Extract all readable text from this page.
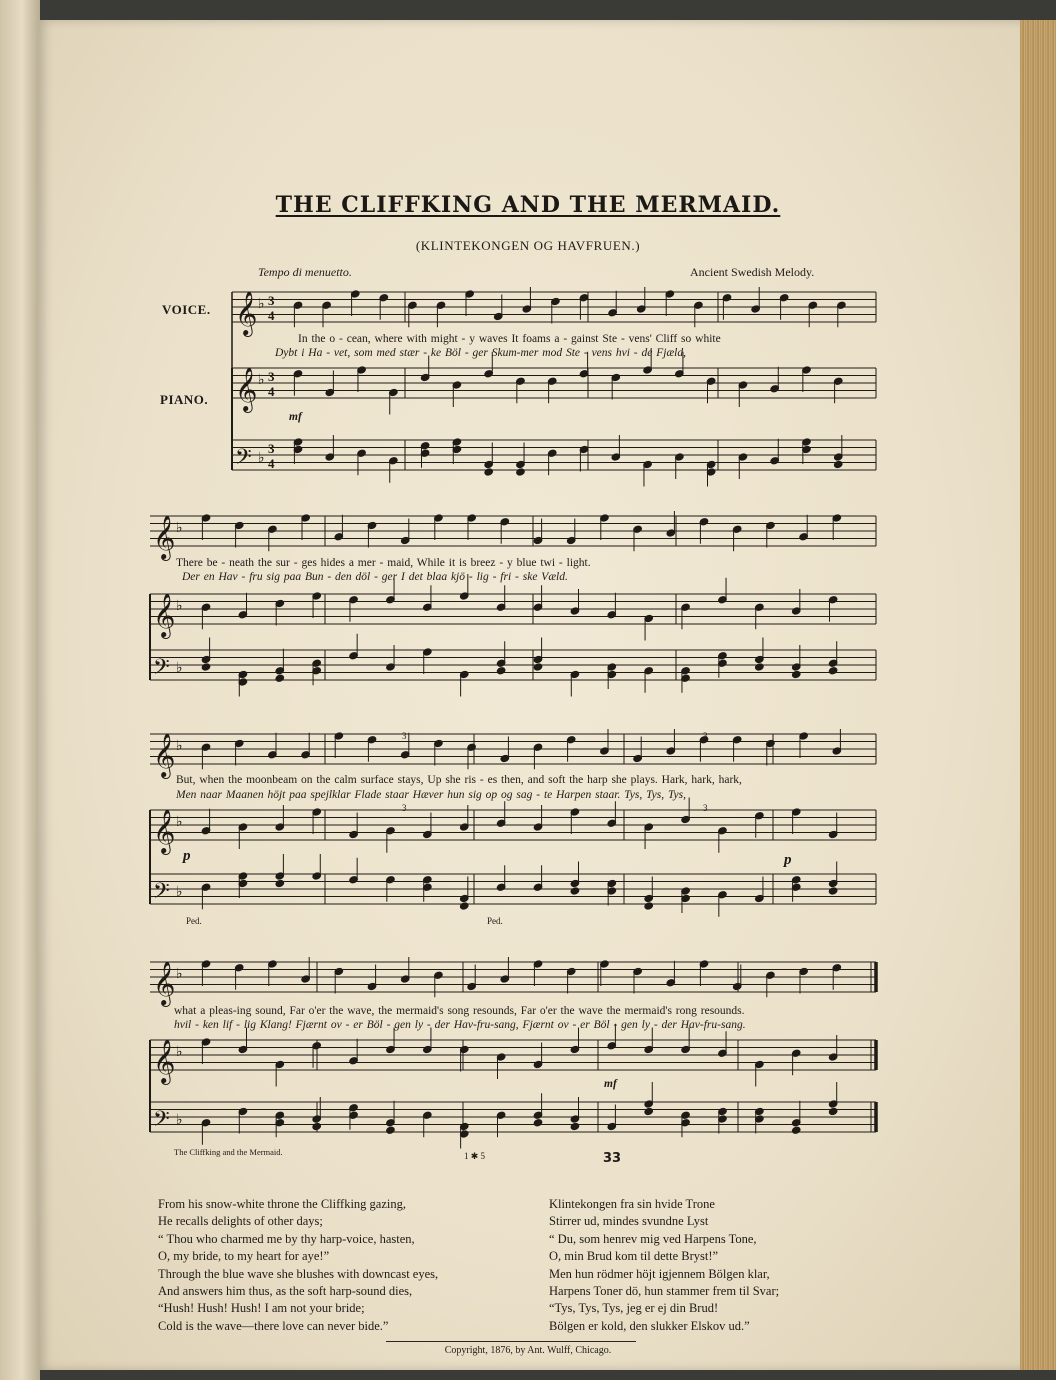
THE CLIFFKING AND THE MERMAID.
(KLINTEKONGEN OG HAVFRUEN.)
Tempo di menuetto.	Ancient Swedish Melody.
VOICE.
PIANO.
𝄞 ♭ 3
4
𝄞 ♭ 3
4
𝄢 ♭
3
4
𝄞 ♭
𝄞 ♭
𝄢 ♭
𝄞 ♭
𝄞 ♭
𝄢 ♭
𝄞 ♭
𝄞 ♭
𝄢 ♭
In the o - cean, where with might - y waves It foams a - gainst Ste - vens' Cliff so white
Dybt i Ha - vet, som med stær - ke Böl - ger Skum-mer mod Ste - vens hvi - de Fjæld,
There be - neath the sur - ges hides a mer - maid, While it is breez - y blue twi - light.
Der en Hav - fru sig paa Bun - den döl - ger I det blaa kjö - lig - fri - ske Væld.
But, when the moonbeam on the calm surface stays, Up she ris - es then, and soft the harp she plays. Hark, hark, hark,
Men naar Maanen höjt paa spejlklar Flade staar Hæver hun sig op og sag - te Harpen staar. Tys, Tys, Tys,
what a pleas-ing sound, Far o'er the wave, the mermaid's song resounds, Far o'er the wave the mermaid's rong resounds.
hvil - ken lif - lig Klang! Fjærnt ov - er Böl - gen ly - der Hav-fru-sang, Fjærnt ov - er Böl - gen ly - der Hav-fru-sang.
mf
p	p
mf
Ped.	Ped.
3	3
3	3
The Cliffking and the Mermaid.	1 ✱ 5	33
From his snow-white throne the Cliffking gazing,
He recalls delights of other days;
“ Thou who charmed me by thy harp-voice, hasten,
O, my bride, to my heart for aye!”
Through the blue wave she blushes with downcast eyes,
And answers him thus, as the soft harp-sound dies,
“Hush! Hush! Hush! I am not your bride;
Cold is the wave—there love can never bide.”
Klintekongen fra sin hvide Trone
Stirrer ud, mindes svundne Lyst
“ Du, som henrev mig ved Harpens Tone,
O, min Brud kom til dette Bryst!”
Men hun rödmer höjt igjennem Bölgen klar,
Harpens Toner dö, hun stammer frem til Svar;
“Tys, Tys, Tys, jeg er ej din Brud!
Bölgen er kold, den slukker Elskov ud.”
Copyright, 1876, by Ant. Wulff, Chicago.
